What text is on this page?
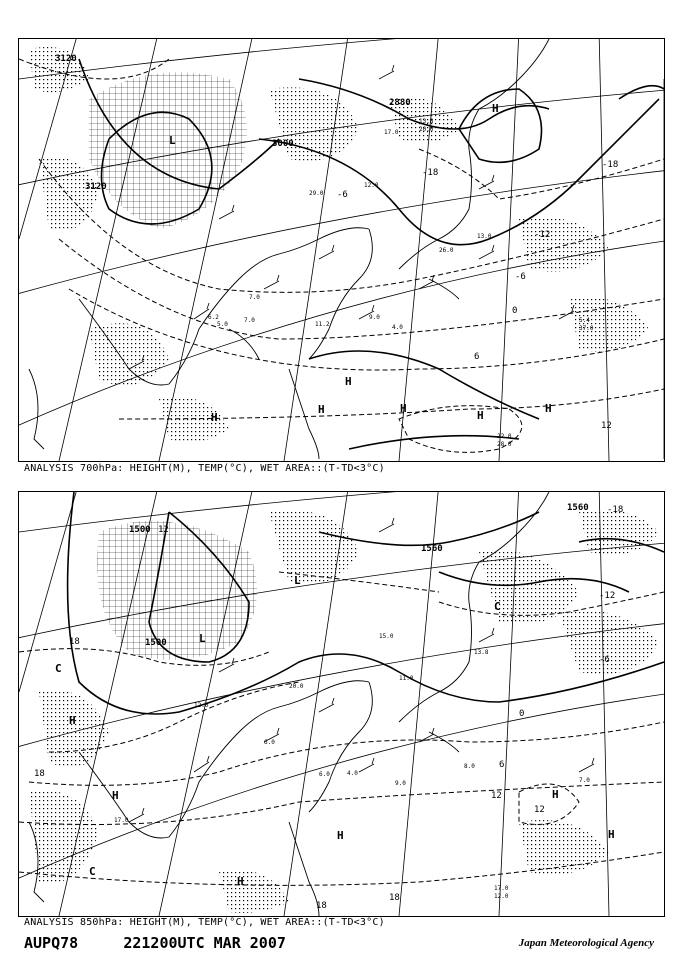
3120
3120
3000
2880
-18
-18
-12
-6
-6
0
6
12
H
H
H
H
H
H
H
L
6.2
5.0
7.0	9.0
4.0
7.0
5.4
37.0
11.2
13.0
26.0
22.0
28.0
29.0
20.0
13.8
17.0
12.0
ANALYSIS 700hPa: HEIGHT(M), TEMP(°C), WET AREA::(T-TD<3°C)
1500
1500
1560
1560
12
-18
-12
-6
0
6
12
12
18
18
18
18
H
H
H
H
H
C
C
C
L
L
H
17.0
12.0
4.0
6.0
9.0
11.0
15.0
8.0
17.0
7.0
6.0
12.0
13.8
20.0
ANALYSIS 850hPa: HEIGHT(M), TEMP(°C), WET AREA::(T-TD<3°C)
AUPQ78	221200UTC MAR 2007	Japan Meteorological Agency
